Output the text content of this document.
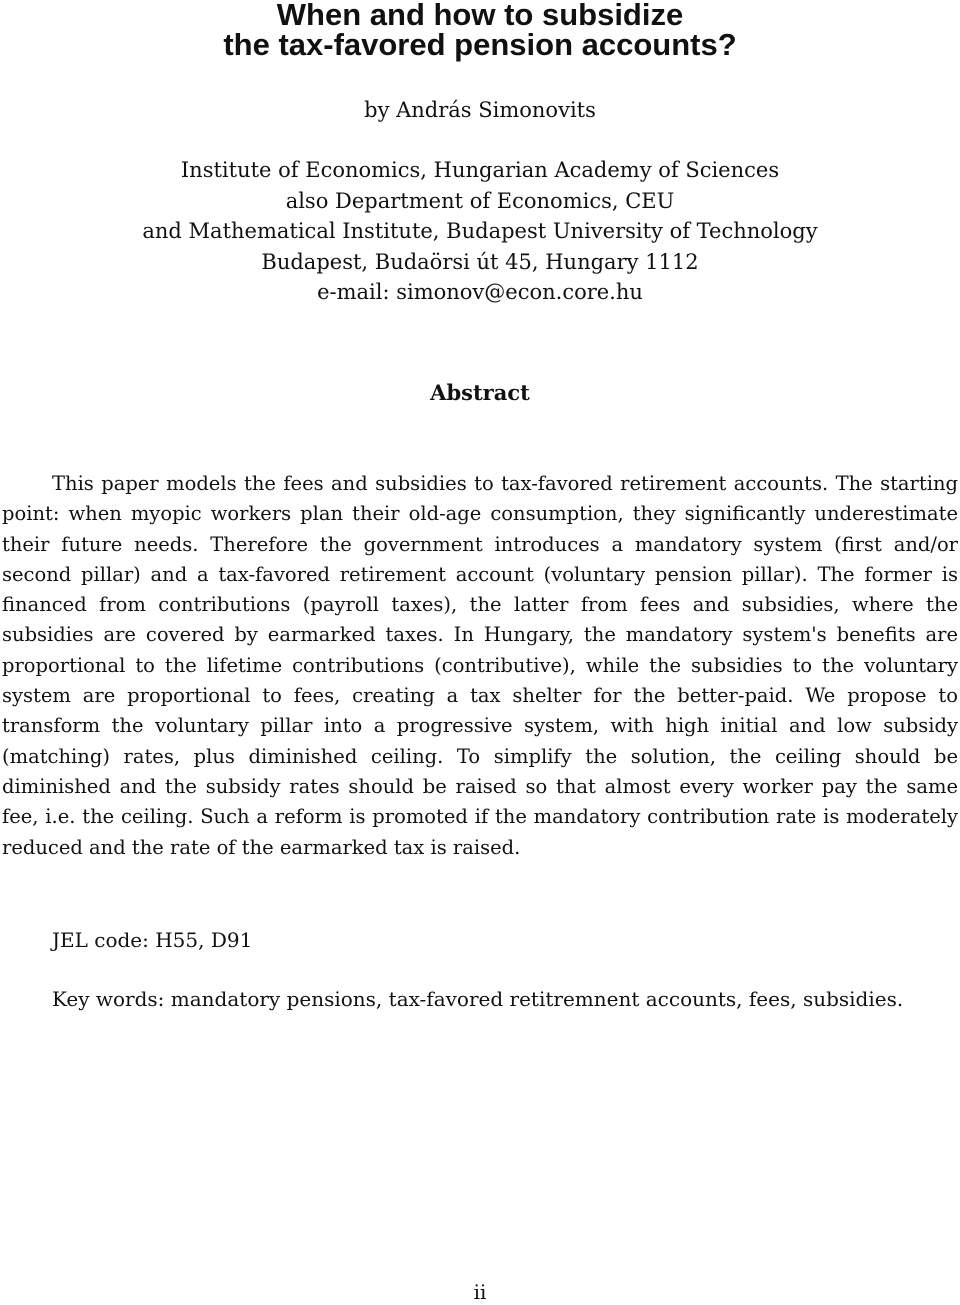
When and how to subsidize
the tax-favored pension accounts?
by András Simonovits
Institute of Economics, Hungarian Academy of Sciences
also Department of Economics, CEU
and Mathematical Institute, Budapest University of Technology
Budapest, Budaörsi út 45, Hungary 1112
e-mail: simonov@econ.core.hu
Abstract
This paper models the fees and subsidies to tax-favored retirement accounts. The starting point: when myopic workers plan their old-age consumption, they significantly underestimate their future needs. Therefore the government introduces a mandatory system (first and/or second pillar) and a tax-favored retirement account (voluntary pension pillar). The former is financed from contributions (payroll taxes), the latter from fees and subsidies, where the subsidies are covered by earmarked taxes. In Hungary, the mandatory system's benefits are proportional to the lifetime contributions (contributive), while the subsidies to the voluntary system are proportional to fees, creating a tax shelter for the better-paid. We propose to transform the voluntary pillar into a progressive system, with high initial and low subsidy (matching) rates, plus diminished ceiling. To simplify the solution, the ceiling should be diminished and the subsidy rates should be raised so that almost every worker pay the same fee, i.e. the ceiling. Such a reform is promoted if the mandatory contribution rate is moderately reduced and the rate of the earmarked tax is raised.
JEL code: H55, D91
Key words: mandatory pensions, tax-favored retitremnent accounts, fees, subsidies.
ii
